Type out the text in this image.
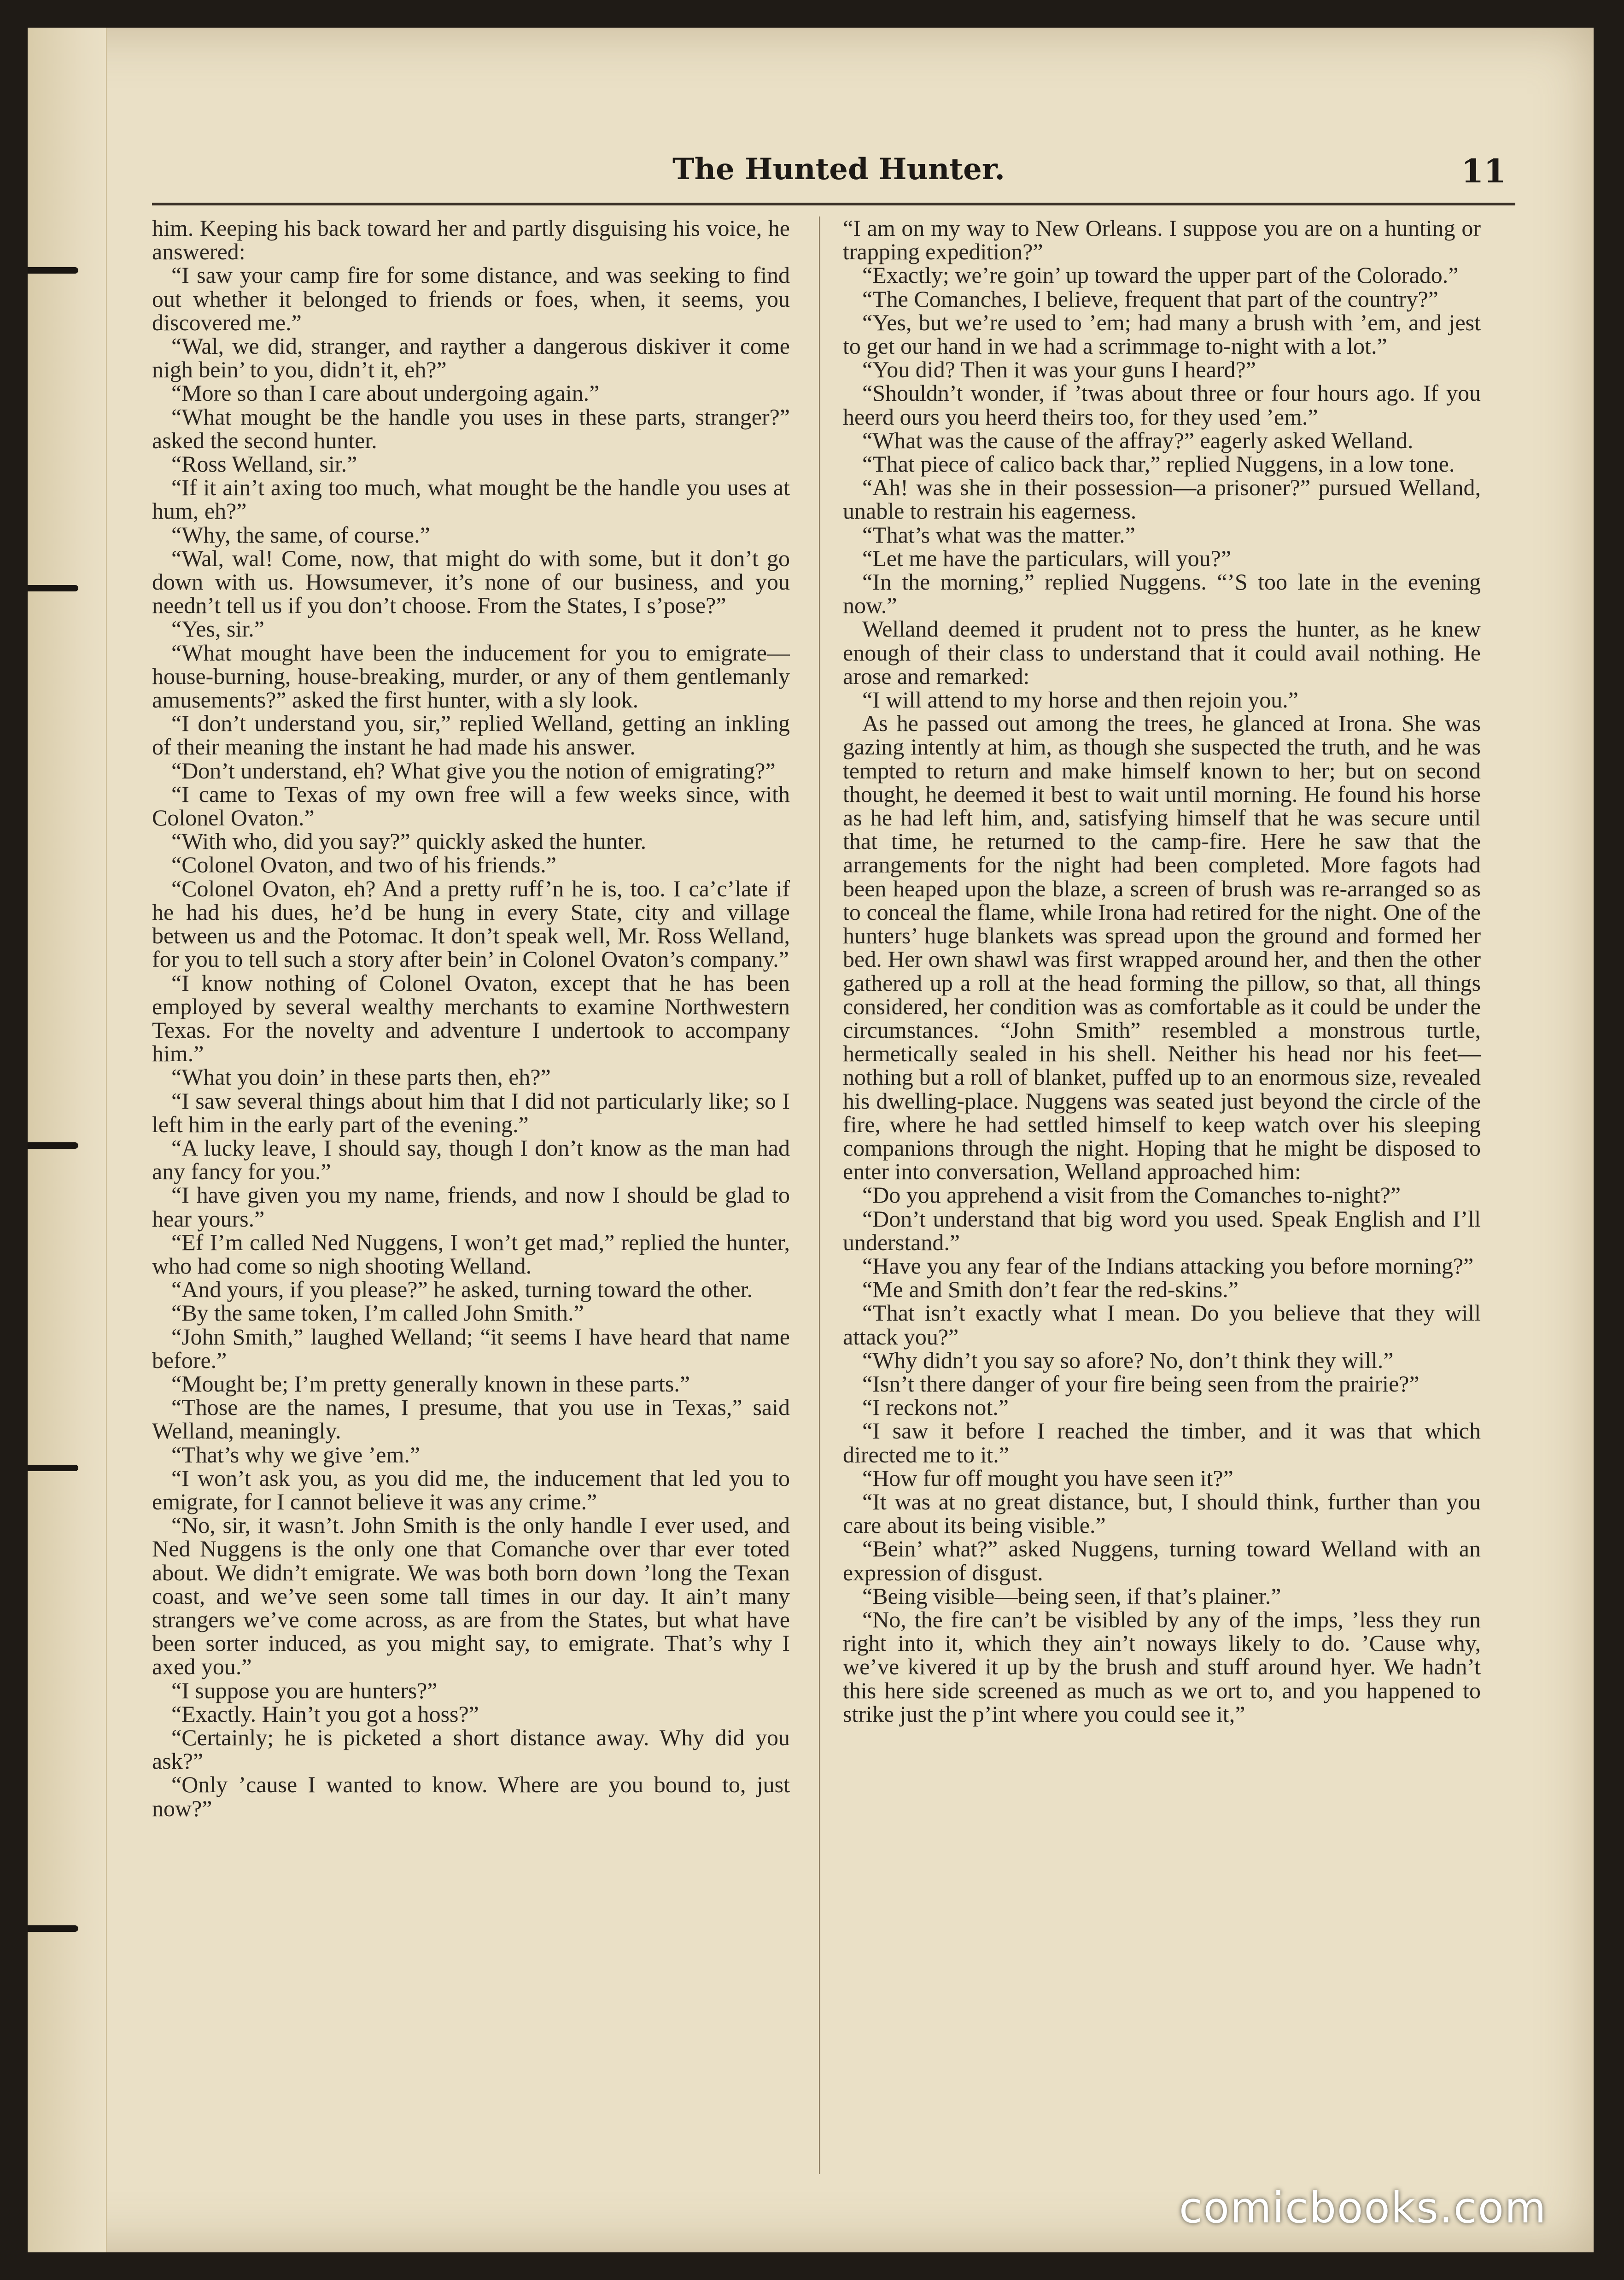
The Hunted Hunter.	11

him. Keeping his back toward her and partly disguising his voice, he answered:

“I saw your camp fire for some distance, and was seeking to find out whether it belonged to friends or foes, when, it seems, you discovered me.”

“Wal, we did, stranger, and rayther a dangerous diskiver it come nigh bein’ to you, didn’t it, eh?”

“More so than I care about undergoing again.”

“What mought be the handle you uses in these parts, stranger?” asked the second hunter.

“Ross Welland, sir.”

“If it ain’t axing too much, what mought be the handle you uses at hum, eh?”

“Why, the same, of course.”

“Wal, wal! Come, now, that might do with some, but it don’t go down with us. Howsumever, it’s none of our business, and you needn’t tell us if you don’t choose. From the States, I s’pose?”

“Yes, sir.”

“What mought have been the inducement for you to emigrate—house-burning, house-breaking, murder, or any of them gentlemanly amusements?” asked the first hunter, with a sly look.

“I don’t understand you, sir,” replied Welland, getting an inkling of their meaning the instant he had made his answer.

“Don’t understand, eh? What give you the notion of emigrating?”

“I came to Texas of my own free will a few weeks since, with Colonel Ovaton.”

“With who, did you say?” quickly asked the hunter.

“Colonel Ovaton, and two of his friends.”

“Colonel Ovaton, eh? And a pretty ruff’n he is, too. I ca’c’late if he had his dues, he’d be hung in every State, city and village between us and the Potomac. It don’t speak well, Mr. Ross Welland, for you to tell such a story after bein’ in Colonel Ovaton’s company.”

“I know nothing of Colonel Ovaton, except that he has been employed by several wealthy merchants to examine Northwestern Texas. For the novelty and adventure I undertook to accompany him.”

“What you doin’ in these parts then, eh?”

“I saw several things about him that I did not particularly like; so I left him in the early part of the evening.”

“A lucky leave, I should say, though I don’t know as the man had any fancy for you.”

“I have given you my name, friends, and now I should be glad to hear yours.”

“Ef I’m called Ned Nuggens, I won’t get mad,” replied the hunter, who had come so nigh shooting Welland.

“And yours, if you please?” he asked, turning toward the other.

“By the same token, I’m called John Smith.”

“John Smith,” laughed Welland; “it seems I have heard that name before.”

“Mought be; I’m pretty generally known in these parts.”

“Those are the names, I presume, that you use in Texas,” said Welland, meaningly.

“That’s why we give ’em.”

“I won’t ask you, as you did me, the inducement that led you to emigrate, for I cannot believe it was any crime.”

“No, sir, it wasn’t. John Smith is the only handle I ever used, and Ned Nuggens is the only one that Comanche over thar ever toted about. We didn’t emigrate. We was both born down ’long the Texan coast, and we’ve seen some tall times in our day. It ain’t many strangers we’ve come across, as are from the States, but what have been sorter induced, as you might say, to emigrate. That’s why I axed you.”

“I suppose you are hunters?”

“Exactly. Hain’t you got a hoss?”

“Certainly; he is picketed a short distance away. Why did you ask?”

“Only ’cause I wanted to know. Where are you bound to, just now?”

“I am on my way to New Orleans. I suppose you are on a hunting or trapping expedition?”

“Exactly; we’re goin’ up toward the upper part of the Colorado.”

“The Comanches, I believe, frequent that part of the country?”

“Yes, but we’re used to ’em; had many a brush with ’em, and jest to get our hand in we had a scrimmage to-night with a lot.”

“You did? Then it was your guns I heard?”

“Shouldn’t wonder, if ’twas about three or four hours ago. If you heerd ours you heerd theirs too, for they used ’em.”

“What was the cause of the affray?” eagerly asked Welland.

“That piece of calico back thar,” replied Nuggens, in a low tone.

“Ah! was she in their possession—a prisoner?” pursued Welland, unable to restrain his eagerness.

“That’s what was the matter.”

“Let me have the particulars, will you?”

“In the morning,” replied Nuggens. “’S too late in the evening now.”

Welland deemed it prudent not to press the hunter, as he knew enough of their class to understand that it could avail nothing. He arose and remarked:

“I will attend to my horse and then rejoin you.”

As he passed out among the trees, he glanced at Irona. She was gazing intently at him, as though she suspected the truth, and he was tempted to return and make himself known to her; but on second thought, he deemed it best to wait until morning. He found his horse as he had left him, and, satisfying himself that he was secure until that time, he returned to the camp-fire. Here he saw that the arrangements for the night had been completed. More fagots had been heaped upon the blaze, a screen of brush was re-arranged so as to conceal the flame, while Irona had retired for the night. One of the hunters’ huge blankets was spread upon the ground and formed her bed. Her own shawl was first wrapped around her, and then the other gathered up a roll at the head forming the pillow, so that, all things considered, her condition was as comfortable as it could be under the circumstances. “John Smith” resembled a monstrous turtle, hermetically sealed in his shell. Neither his head nor his feet—nothing but a roll of blanket, puffed up to an enormous size, revealed his dwelling-place. Nuggens was seated just beyond the circle of the fire, where he had settled himself to keep watch over his sleeping companions through the night. Hoping that he might be disposed to enter into conversation, Welland approached him:

“Do you apprehend a visit from the Comanches to-night?”

“Don’t understand that big word you used. Speak English and I’ll understand.”

“Have you any fear of the Indians attacking you before morning?”

“Me and Smith don’t fear the red-skins.”

“That isn’t exactly what I mean. Do you believe that they will attack you?”

“Why didn’t you say so afore? No, don’t think they will.”

“Isn’t there danger of your fire being seen from the prairie?”

“I reckons not.”

“I saw it before I reached the timber, and it was that which directed me to it.”

“How fur off mought you have seen it?”

“It was at no great distance, but, I should think, further than you care about its being visible.”

“Bein’ what?” asked Nuggens, turning toward Welland with an expression of disgust.

“Being visible—being seen, if that’s plainer.”

“No, the fire can’t be visibled by any of the imps, ’less they run right into it, which they ain’t noways likely to do. ’Cause why, we’ve kivered it up by the brush and stuff around hyer. We hadn’t this here side screened as much as we ort to, and you happened to strike just the p’int where you could see it,”

comicbooks.com
